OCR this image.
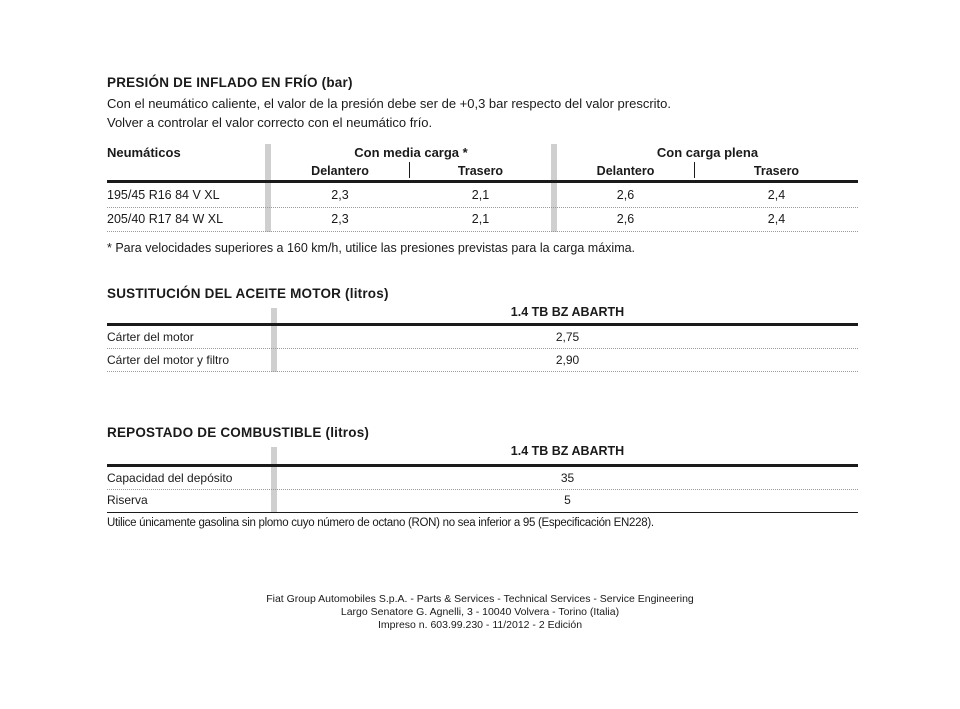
PRESIÓN DE INFLADO EN FRÍO (bar)
Con el neumático caliente, el valor de la presión debe ser de +0,3 bar respecto del valor prescrito.
Volver a controlar el valor correcto con el neumático frío.
Neumáticos	Con media carga *	Con carga plena
Delantero	Trasero	Delantero	Trasero
195/45 R16 84 V XL	2,3	2,1	2,6	2,4
205/40 R17 84 W XL	2,3	2,1	2,6	2,4
* Para velocidades superiores a 160 km/h, utilice las presiones previstas para la carga máxima.
SUSTITUCIÓN DEL ACEITE MOTOR (litros)
1.4 TB BZ ABARTH
Cárter del motor	2,75
Cárter del motor y filtro	2,90
REPOSTADO DE COMBUSTIBLE (litros)
1.4 TB BZ ABARTH
Capacidad del depósito	35
Riserva	5
Utilice únicamente gasolina sin plomo cuyo número de octano (RON) no sea inferior a 95 (Especificación EN228).
Fiat Group Automobiles S.p.A. - Parts & Services - Technical Services - Service Engineering
Largo Senatore G. Agnelli, 3 - 10040 Volvera - Torino (Italia)
Impreso n. 603.99.230 - 11/2012 - 2 Edición
